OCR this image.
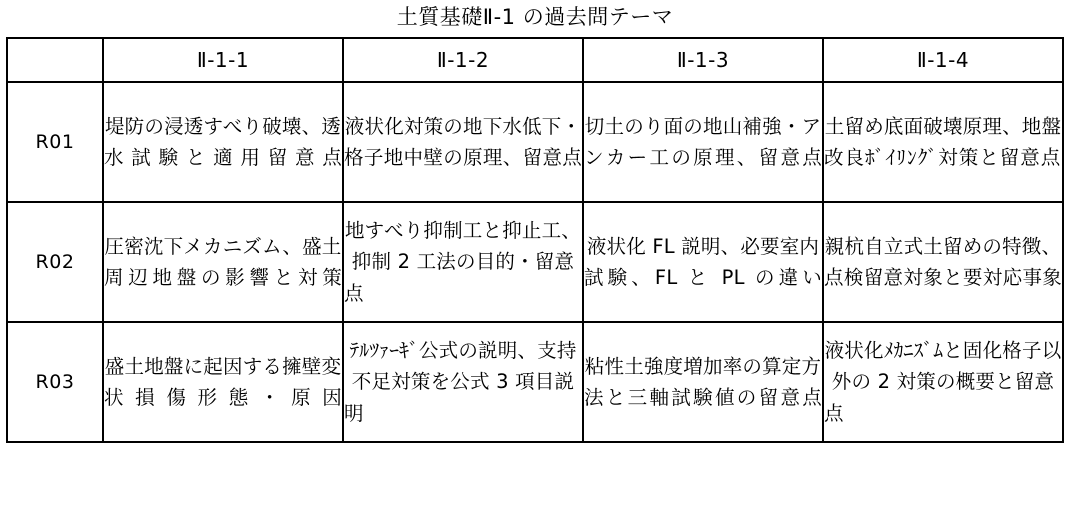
土質基礎Ⅱ-1 の過去問テーマ
	Ⅱ-1-1	Ⅱ-1-2	Ⅱ-1-3	Ⅱ-1-4
R01	堤防の浸透すべり破壊、透水試験と適用留意点	液状化対策の地下水低下・格子地中壁の原理、留意点	切土のり面の地山補強・アンカー工の原理、留意点	土留め底面破壊原理、地盤改良ﾎﾞｲﾘﾝｸﾞ対策と留意点

R02	圧密沈下メカニズム、盛土周辺地盤の影響と対策	地すべり抑制工と抑止工、抑制 2 工法の目的・留意点	液状化 FL 説明、必要室内試験、FL と PL の違い	親杭自立式土留めの特徴、点検留意対象と要対応事象

R03	盛土地盤に起因する擁壁変状損傷形態・原因	ﾃﾙﾂｧｰｷﾞ公式の説明、支持不足対策を公式 3 項目説明	粘性土強度増加率の算定方法と三軸試験値の留意点	液状化ﾒｶﾆｽﾞﾑと固化格子以外の 2 対策の概要と留意点
